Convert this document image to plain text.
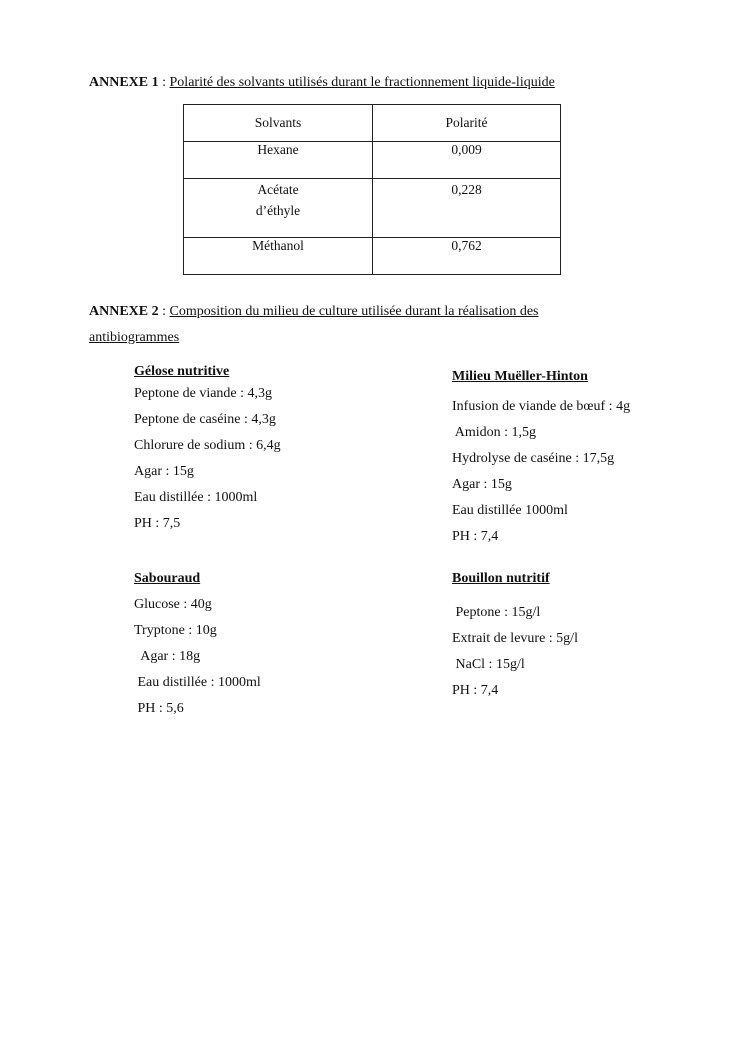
ANNEXE 1 : Polarité des solvants utilisés durant le fractionnement liquide-liquide
Solvants	Polarité
Hexane	0,009

Acétate
d’éthyle	0,228

Méthanol	0,762
ANNEXE 2 : Composition du milieu de culture utilisée durant la réalisation des
antibiogrammes
Gélose nutritive
Peptone de viande : 4,3g
Peptone de caséine : 4,3g
Chlorure de sodium : 6,4g
Agar : 15g
Eau distillée : 1000ml
PH : 7,5
Milieu Muëller-Hinton
Infusion de viande de bœuf : 4g
Amidon : 1,5g
Hydrolyse de caséine : 17,5g
Agar : 15g
Eau distillée 1000ml
PH : 7,4
Sabouraud
Glucose : 40g
Tryptone : 10g
Agar : 18g
Eau distillée : 1000ml
PH : 5,6
Bouillon nutritif
Peptone : 15g/l
Extrait de levure : 5g/l
NaCl : 15g/l
PH : 7,4
